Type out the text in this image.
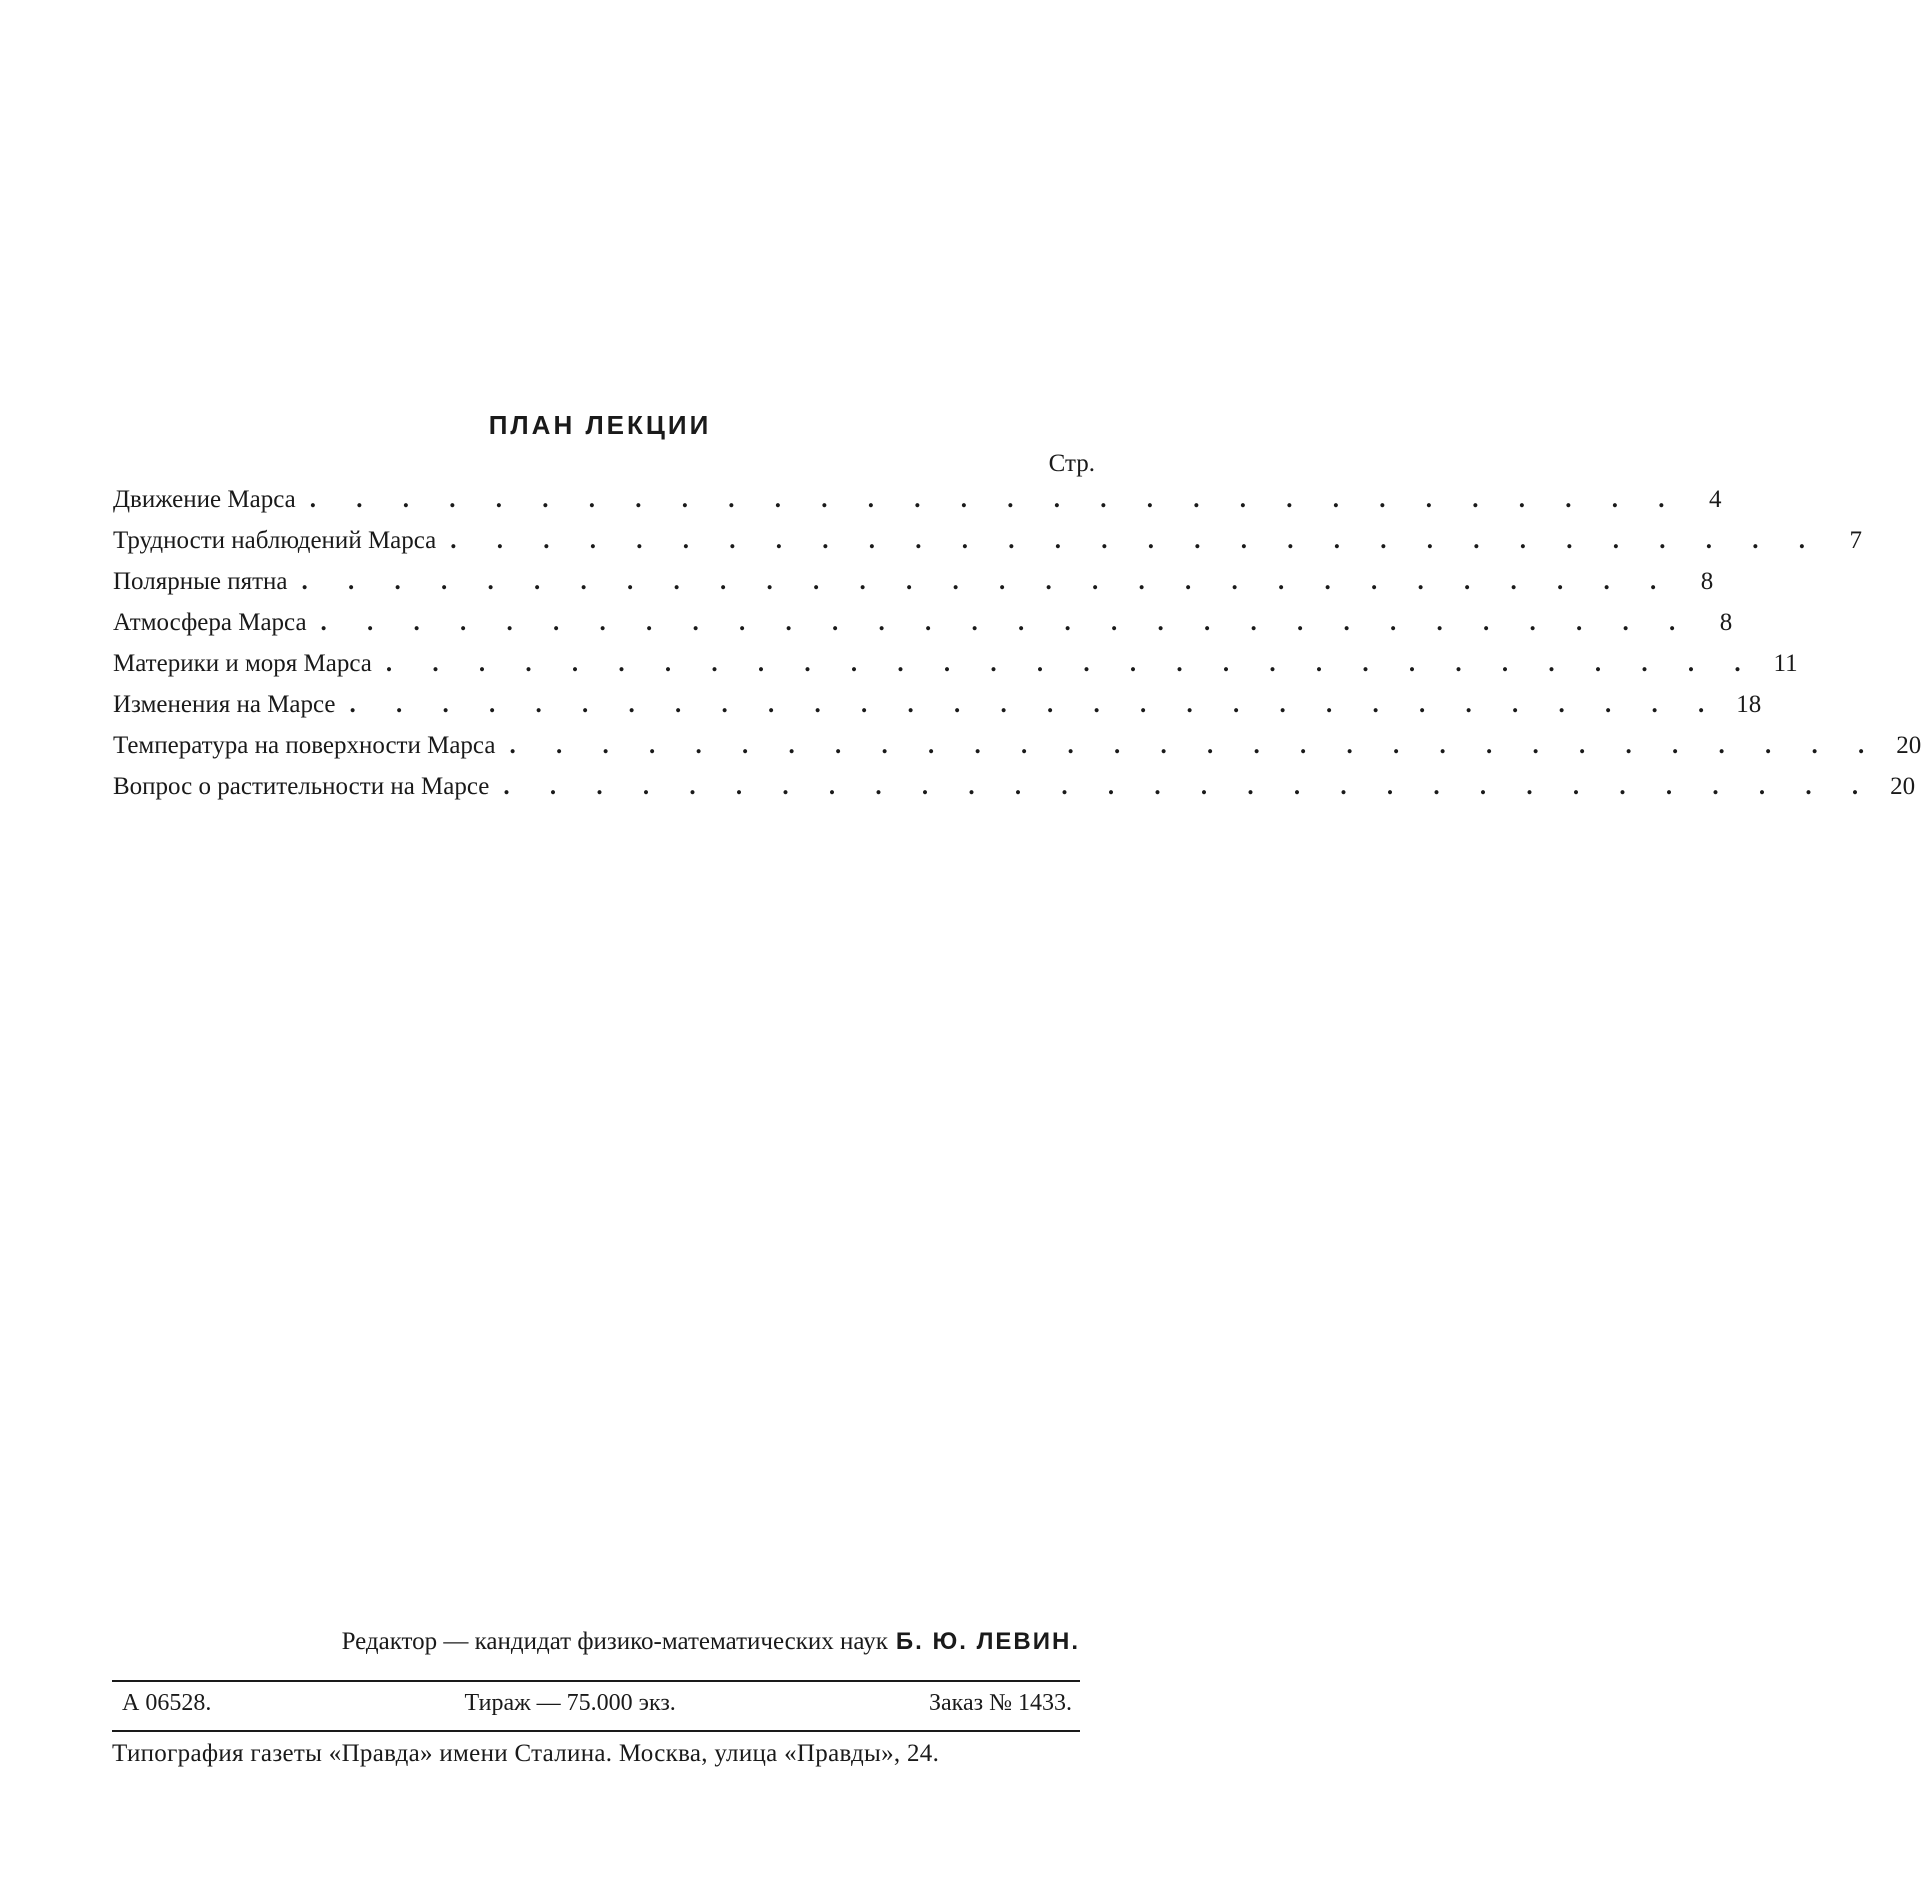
ПЛАН ЛЕКЦИИ
Стр.
Движение Марса . . . . . . . . . . . . . . . . . . . . . . . . . . . . . .	4
Трудности наблюдений Марса . . . . . . . . . . . . . . . . . . . . . . . . . . . . . .	7
Полярные пятна . . . . . . . . . . . . . . . . . . . . . . . . . . . . . .	8
Атмосфера Марса . . . . . . . . . . . . . . . . . . . . . . . . . . . . . .	8
Материки и моря Марса . . . . . . . . . . . . . . . . . . . . . . . . . . . . . . 11
Изменения на Марсе . . . . . . . . . . . . . . . . . . . . . . . . . . . . . . 18
Температура на поверхности Марса . . . . . . . . . . . . . . . . . . . . . . . . . . . . . . 20
Вопрос о растительности на Марсе . . . . . . . . . . . . . . . . . . . . . . . . . . . . . . 20
Редактор — кандидат физико-математических наук Б. Ю. ЛЕВИН.
А 06528.	Тираж — 75.000 экз.	Заказ № 1433.
Типография газеты «Правда» имени Сталина. Москва, улица «Правды», 24.
